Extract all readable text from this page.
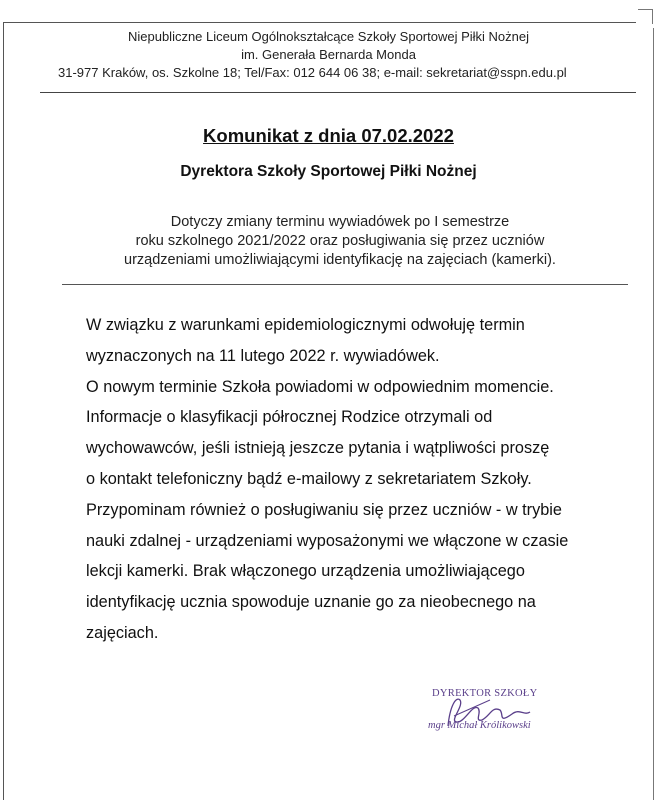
Niepubliczne Liceum Ogólnokształcące Szkoły Sportowej Piłki Nożnej
im. Generała Bernarda Monda
31-977 Kraków, os. Szkolne 18; Tel/Fax: 012 644 06 38; e-mail: sekretariat@sspn.edu.pl
Komunikat z dnia 07.02.2022
Dyrektora Szkoły Sportowej Piłki Nożnej
Dotyczy zmiany terminu wywiadówek po I semestrze
roku szkolnego 2021/2022 oraz posługiwania się przez uczniów
urządzeniami umożliwiającymi identyfikację na zajęciach (kamerki).
W związku z warunkami epidemiologicznymi odwołuję termin
wyznaczonych na 11 lutego 2022 r. wywiadówek.
O nowym terminie Szkoła powiadomi w odpowiednim momencie.
Informacje o klasyfikacji półrocznej Rodzice otrzymali od
wychowawców, jeśli istnieją jeszcze pytania i wątpliwości proszę
o kontakt telefoniczny bądź e-mailowy z sekretariatem Szkoły.
Przypominam również o posługiwaniu się przez uczniów - w trybie
nauki zdalnej - urządzeniami wyposażonymi we włączone w czasie
lekcji kamerki. Brak włączonego urządzenia umożliwiającego
identyfikację ucznia spowoduje uznanie go za nieobecnego na
zajęciach.
DYREKTOR SZKOŁY
mgr Michał Królikowski
